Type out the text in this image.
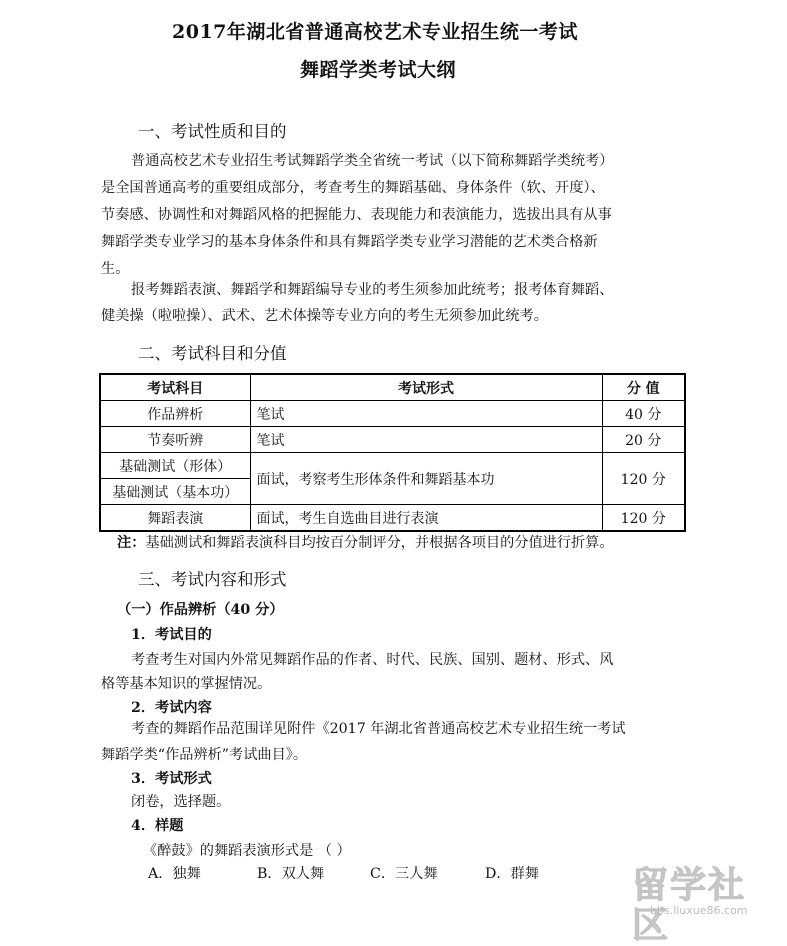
2017年湖北省普通高校艺术专业招生统一考试
舞蹈学类考试大纲
一、考试性质和目的
普通高校艺术专业招生考试舞蹈学类全省统一考试（以下简称舞蹈学类统考）
是全国普通高考的重要组成部分，考查考生的舞蹈基础、身体条件（软、开度）、
节奏感、协调性和对舞蹈风格的把握能力、表现能力和表演能力，选拔出具有从事
舞蹈学类专业学习的基本身体条件和具有舞蹈学类专业学习潜能的艺术类合格新
生。
报考舞蹈表演、舞蹈学和舞蹈编导专业的考生须参加此统考；报考体育舞蹈、
健美操（啦啦操）、武术、艺术体操等专业方向的考生无须参加此统考。
二、考试科目和分值
考试科目	考试形式	分 值
作品辨析	笔试	40 分
节奏听辨	笔试	20 分
基础测试（形体）	面试，考察考生形体条件和舞蹈基本功	120 分
基础测试（基本功）		
舞蹈表演	面试，考生自选曲目进行表演	120 分
注：基础测试和舞蹈表演科目均按百分制评分，并根据各项目的分值进行折算。
三、考试内容和形式
（一）作品辨析（40 分）
1．考试目的
考查考生对国内外常见舞蹈作品的作者、时代、民族、国别、题材、形式、风
格等基本知识的掌握情况。
2．考试内容
考查的舞蹈作品范围详见附件《2017 年湖北省普通高校艺术专业招生统一考试
舞蹈学类“作品辨析”考试曲目》。
3．考试形式
闭卷，选择题。
4．样题
《醉鼓》的舞蹈表演形式是 （ ）
A．独舞	B．双人舞	C．三人舞	D．群舞	留学社区
bbs.liuxue86.com
